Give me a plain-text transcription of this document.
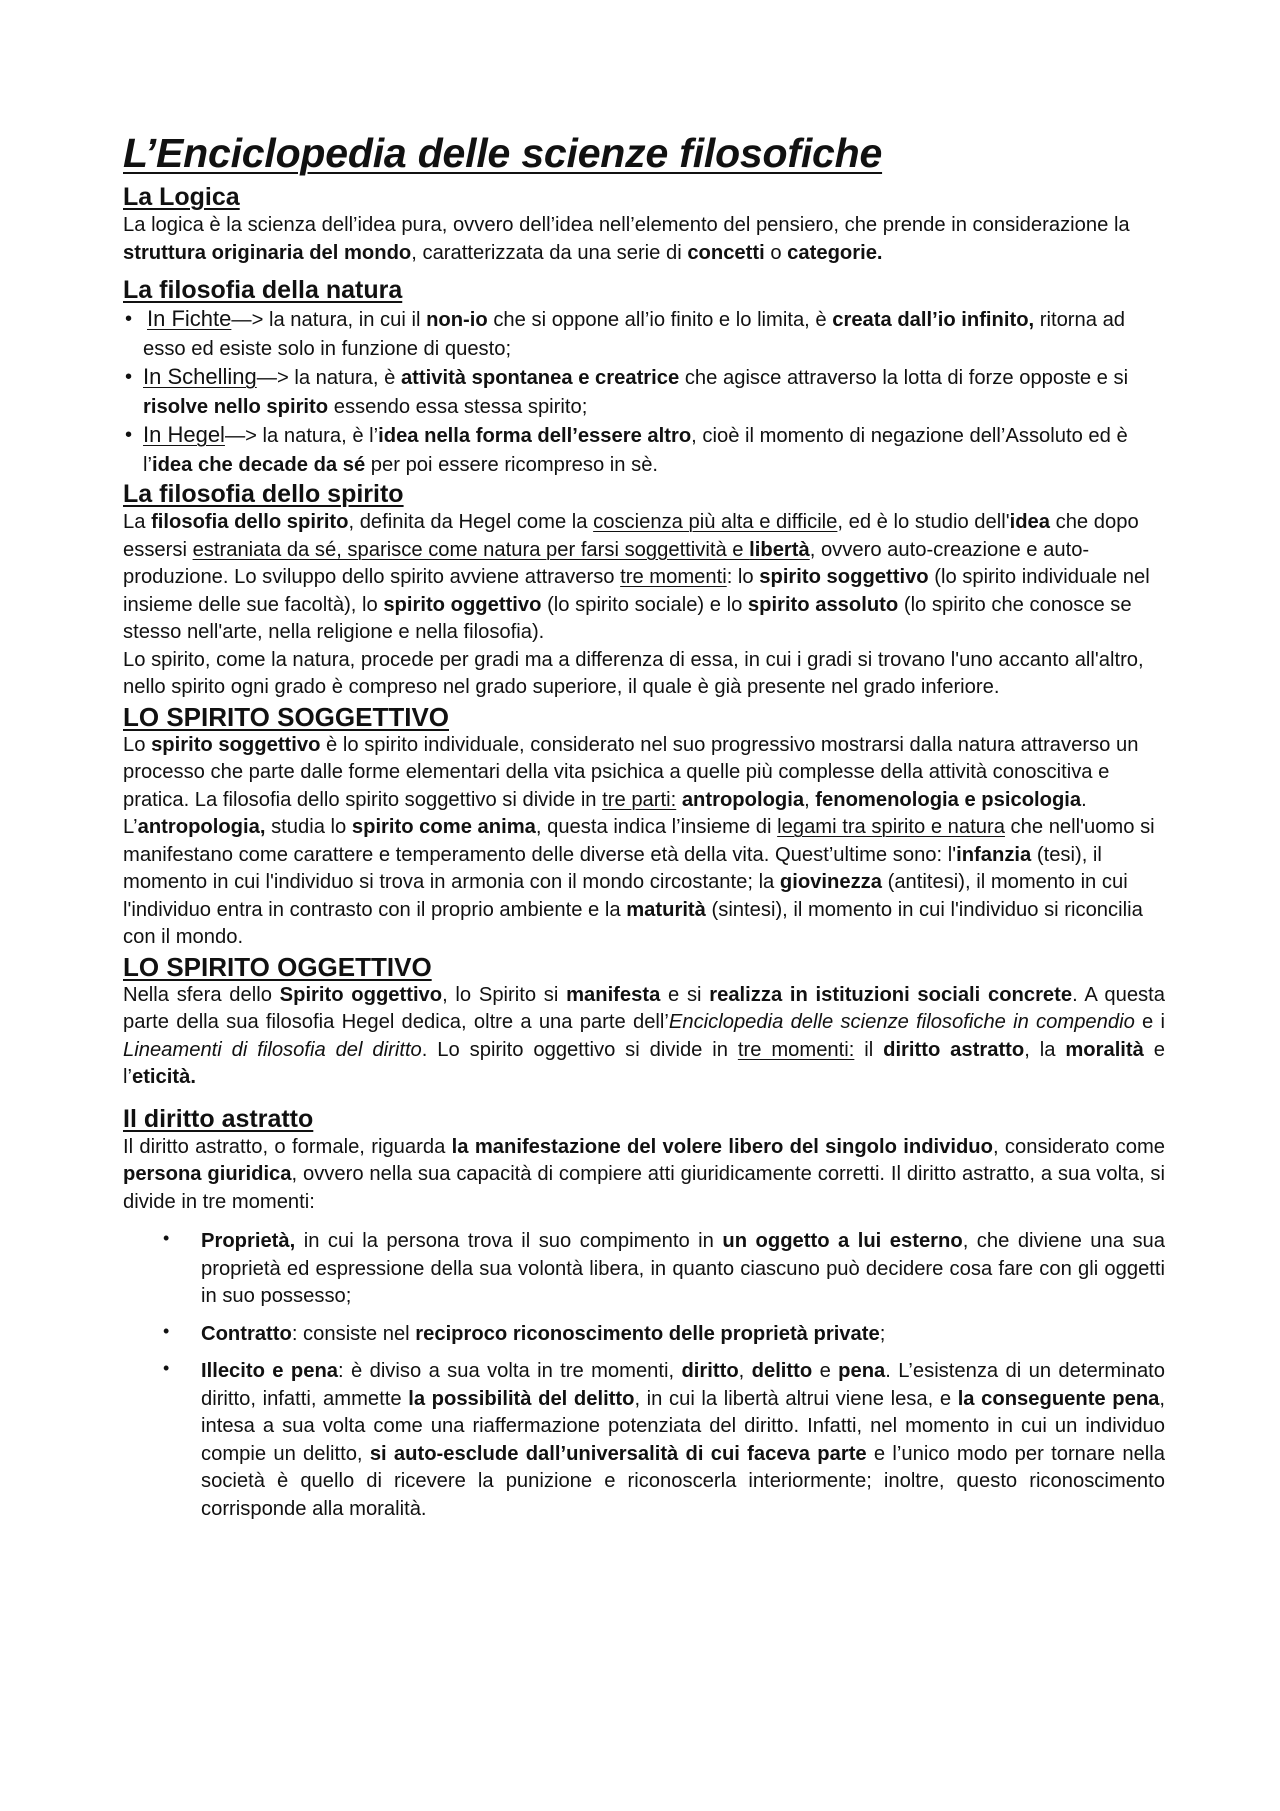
L’Enciclopedia delle scienze filosofiche
La Logica

La logica è la scienza dell’idea pura, ovvero dell’idea nell’elemento del pensiero, che prende in considerazione la struttura originaria del mondo, caratterizzata da una serie di concetti o categorie.

La filosofia della natura
• In Fichte—> la natura, in cui il non-io che si oppone all’io finito e lo limita, è creata dall’io infinito, ritorna ad esso ed esiste solo in funzione di questo;
• In Schelling—> la natura, è attività spontanea e creatrice che agisce attraverso la lotta di forze opposte e si risolve nello spirito essendo essa stessa spirito;
• In Hegel—> la natura, è l’idea nella forma dell’essere altro, cioè il momento di negazione dell’Assoluto ed è l’idea che decade da sé per poi essere ricompreso in sè.
La filosofia dello spirito

La filosofia dello spirito, definita da Hegel come la coscienza più alta e difficile, ed è lo studio dell'idea che dopo essersi estraniata da sé, sparisce come natura per farsi soggettività e libertà, ovvero auto-creazione e auto-produzione. Lo sviluppo dello spirito avviene attraverso tre momenti: lo spirito soggettivo (lo spirito individuale nel insieme delle sue facoltà), lo spirito oggettivo (lo spirito sociale) e lo spirito assoluto (lo spirito che conosce se stesso nell'arte, nella religione e nella filosofia).

Lo spirito, come la natura, procede per gradi ma a differenza di essa, in cui i gradi si trovano l'uno accanto all'altro, nello spirito ogni grado è compreso nel grado superiore, il quale è già presente nel grado inferiore.

LO SPIRITO SOGGETTIVO

Lo spirito soggettivo è lo spirito individuale, considerato nel suo progressivo mostrarsi dalla natura attraverso un processo che parte dalle forme elementari della vita psichica a quelle più complesse della attività conoscitiva e pratica. La filosofia dello spirito soggettivo si divide in tre parti: antropologia, fenomenologia e psicologia.

L’antropologia, studia lo spirito come anima, questa indica l’insieme di legami tra spirito e natura che nell'uomo si manifestano come carattere e temperamento delle diverse età della vita. Quest’ultime sono: l'infanzia (tesi), il momento in cui l'individuo si trova in armonia con il mondo circostante; la giovinezza (antitesi), il momento in cui l'individuo entra in contrasto con il proprio ambiente e la maturità (sintesi), il momento in cui l'individuo si riconcilia con il mondo.

LO SPIRITO OGGETTIVO

Nella sfera dello Spirito oggettivo, lo Spirito si manifesta e si realizza in istituzioni sociali concrete. A questa parte della sua filosofia Hegel dedica, oltre a una parte dell’Enciclopedia delle scienze filosofiche in compendio e i Lineamenti di filosofia del diritto. Lo spirito oggettivo si divide in tre momenti: il diritto astratto, la moralità e l’eticità.

Il diritto astratto

Il diritto astratto, o formale, riguarda la manifestazione del volere libero del singolo individuo, considerato come persona giuridica, ovvero nella sua capacità di compiere atti giuridicamente corretti. Il diritto astratto, a sua volta, si divide in tre momenti:

• Proprietà, in cui la persona trova il suo compimento in un oggetto a lui esterno, che diviene una sua proprietà ed espressione della sua volontà libera, in quanto ciascuno può decidere cosa fare con gli oggetti in suo possesso;
• Contratto: consiste nel reciproco riconoscimento delle proprietà private;
• Illecito e pena: è diviso a sua volta in tre momenti, diritto, delitto e pena. L’esistenza di un determinato diritto, infatti, ammette la possibilità del delitto, in cui la libertà altrui viene lesa, e la conseguente pena, intesa a sua volta come una riaffermazione potenziata del diritto. Infatti, nel momento in cui un individuo compie un delitto, si auto-esclude dall’universalità di cui faceva parte e l’unico modo per tornare nella società è quello di ricevere la punizione e riconoscerla interiormente; inoltre, questo riconoscimento corrisponde alla moralità.
